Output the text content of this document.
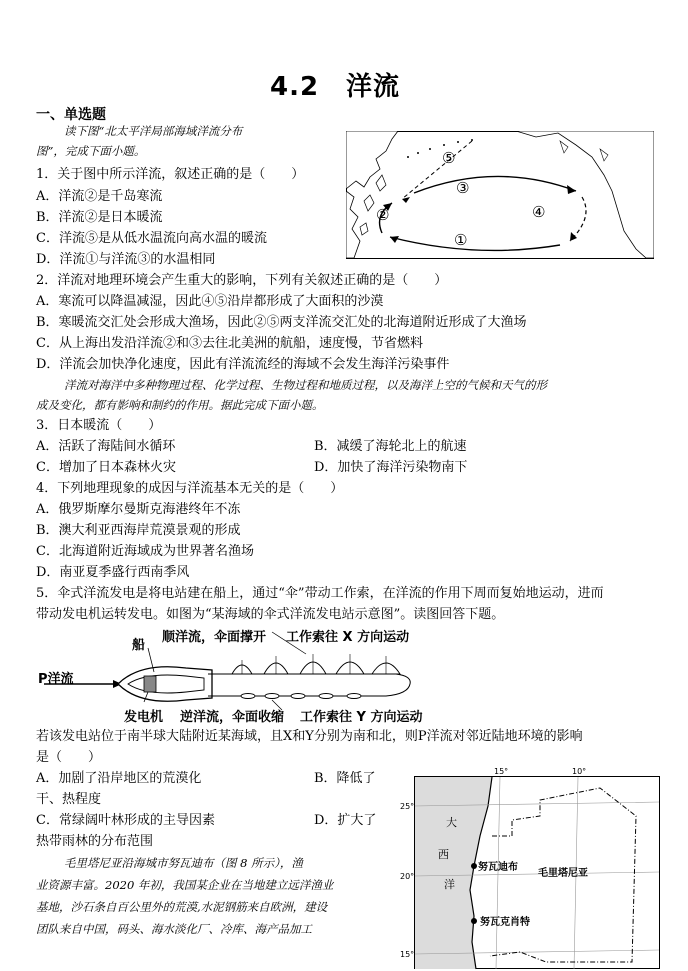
4.2　洋流
一、单选题
读下图“北太平洋局部海域洋流分布
图”，完成下面小题。
1．关于图中所示洋流，叙述正确的是（　　）
A．洋流②是千岛寒流
B．洋流②是日本暖流
C．洋流⑤是从低水温流向高水温的暖流
D．洋流①与洋流③的水温相同
⑤
③
②	④
①
2．洋流对地理环境会产生重大的影响，下列有关叙述正确的是（　　）
A．寒流可以降温减湿，因此④⑤沿岸都形成了大面积的沙漠
B．寒暖流交汇处会形成大渔场，因此②⑤两支洋流交汇处的北海道附近形成了大渔场
C．从上海出发沿洋流②和③去往北美洲的航船，速度慢，节省燃料
D．洋流会加快净化速度，因此有洋流流经的海域不会发生海洋污染事件
洋流对海洋中多种物理过程、化学过程、生物过程和地质过程，以及海洋上空的气候和天气的形
成及变化，都有影响和制约的作用。据此完成下面小题。
3．日本暖流（　　）
A．活跃了海陆间水循环	B．减缓了海轮北上的航速
C．增加了日本森林火灾	D．加快了海洋污染物南下
4．下列地理现象的成因与洋流基本无关的是（　　）
A．俄罗斯摩尔曼斯克海港终年不冻
B．澳大利亚西海岸荒漠景观的形成
C．北海道附近海域成为世界著名渔场
D．南亚夏季盛行西南季风
5．伞式洋流发电是将电站建在船上，通过“伞”带动工作索，在洋流的作用下周而复始地运动，进而
带动发电机运转发电。如图为“某海域的伞式洋流发电站示意图”。读图回答下题。
船
顺洋流，伞面撑开 工作索往 X 方向运动
P洋流
发电机 逆洋流，伞面收缩 工作索往 Y 方向运动
若该发电站位于南半球大陆附近某海域，且X和Y分别为南和北，则P洋流对邻近陆地环境的影响
是（　　）
A．加剧了沿岸地区的荒漠化	B．降低了
干、热程度
C．常绿阔叶林形成的主导因素	D．扩大了
热带雨林的分布范围
毛里塔尼亚沿海城市努瓦迪布（图 8 所示），渔
业资源丰富。2020 年初，我国某企业在当地建立远洋渔业
基地，沙石条自百公里外的荒漠,水泥钢筋来自欧洲，建设
团队来自中国，码头、海水淡化厂、冷库、海产品加工
15°	10°
25°
20°
15°
大
西
洋
努瓦迪布
努瓦克肖特
毛里塔尼亚
